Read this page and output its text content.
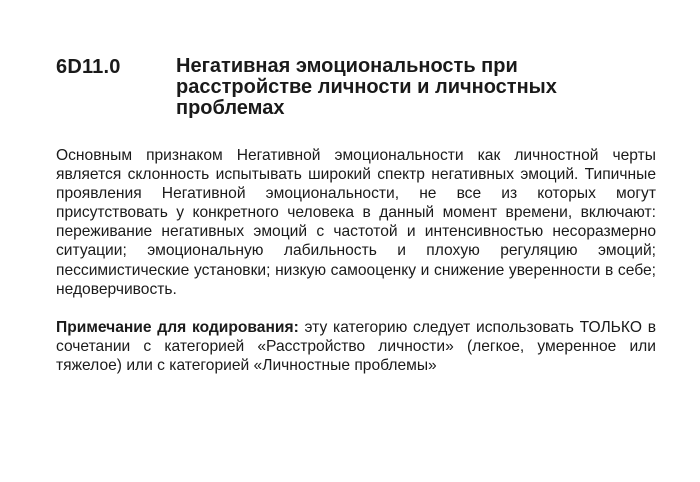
6D11.0	Негативная эмоциональность при расстройстве личности и личностных проблемах

Основным признаком Негативной эмоциональности как личностной черты является склонность испытывать широкий спектр негативных эмоций. Типичные проявления Негативной эмоциональности, не все из которых могут присутствовать у конкретного человека в данный момент времени, включают: переживание негативных эмоций с частотой и интенсивностью несоразмерно ситуации; эмоциональную лабильность и плохую регуляцию эмоций; пессимистические установки; низкую самооценку и снижение уверенности в себе; недоверчивость.

Примечание для кодирования: эту категорию следует использовать ТОЛЬКО в сочетании с категорией «Расстройство личности» (легкое, умеренное или тяжелое) или с категорией «Личностные проблемы»
